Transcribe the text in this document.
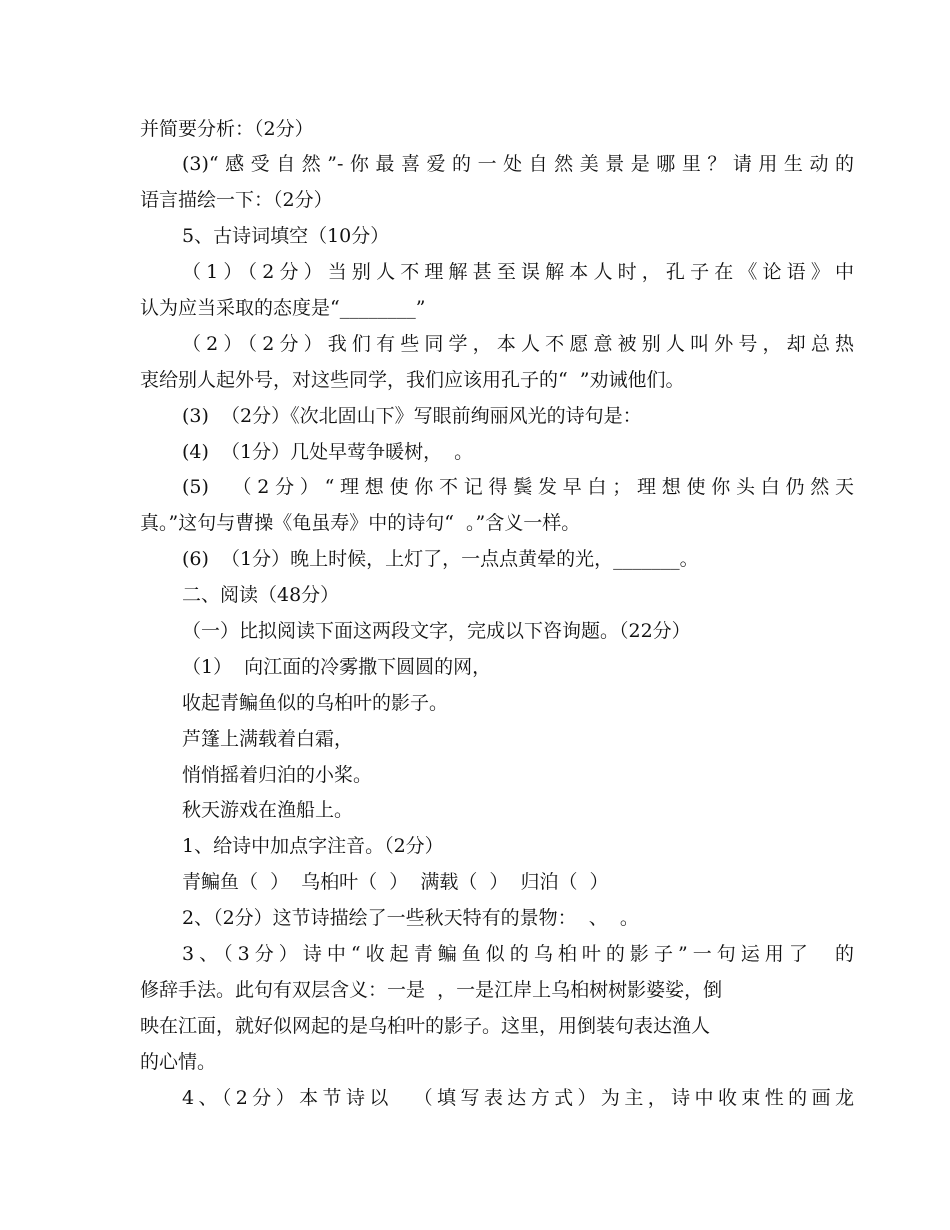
并简要分析：（2分）
(3)“感受自然”-你最喜爱的一处自然美景是哪里？请用生动的
语言描绘一下：（2分）
5、古诗词填空（10分）
（1）（2分）当别人不理解甚至误解本人时，孔子在《论语》中
认为应当采取的态度是“________”
（2）（2分）我们有些同学，本人不愿意被别人叫外号，却总热
衷给别人起外号，对这些同学，我们应该用孔子的“  ”劝诫他们。
(3)  （2分）《次北固山下》写眼前绚丽风光的诗句是：
(4)  （1分）几处早莺争暖树，  。
(5)  （2分）“理想使你不记得鬓发早白；理想使你头白仍然天
真。”这句与曹操《龟虽寿》中的诗句“  。”含义一样。
(6)  （1分）晚上时候，上灯了，一点点黄晕的光，_______。
二、阅读（48分）
（一）比拟阅读下面这两段文字，完成以下咨询题。（22分）
（1）  向江面的冷雾撒下圆圆的网，
收起青鳊鱼似的乌桕叶的影子。
芦篷上满载着白霜，
悄悄摇着归泊的小桨。
秋天游戏在渔船上。
1、给诗中加点字注音。（2分）
青鳊鱼（  ）  乌桕叶（  ）  满载（  ）  归泊（  ）
2、（2分）这节诗描绘了一些秋天特有的景物：  、  。
3、（3分）诗中“收起青鳊鱼似的乌桕叶的影子”一句运用了  的
修辞手法。此句有双层含义：一是  ，一是江岸上乌桕树树影婆娑，倒
映在江面，就好似网起的是乌桕叶的影子。这里，用倒装句表达渔人
的心情。
4、（2分）本节诗以  （填写表达方式）为主，诗中收束性的画龙
